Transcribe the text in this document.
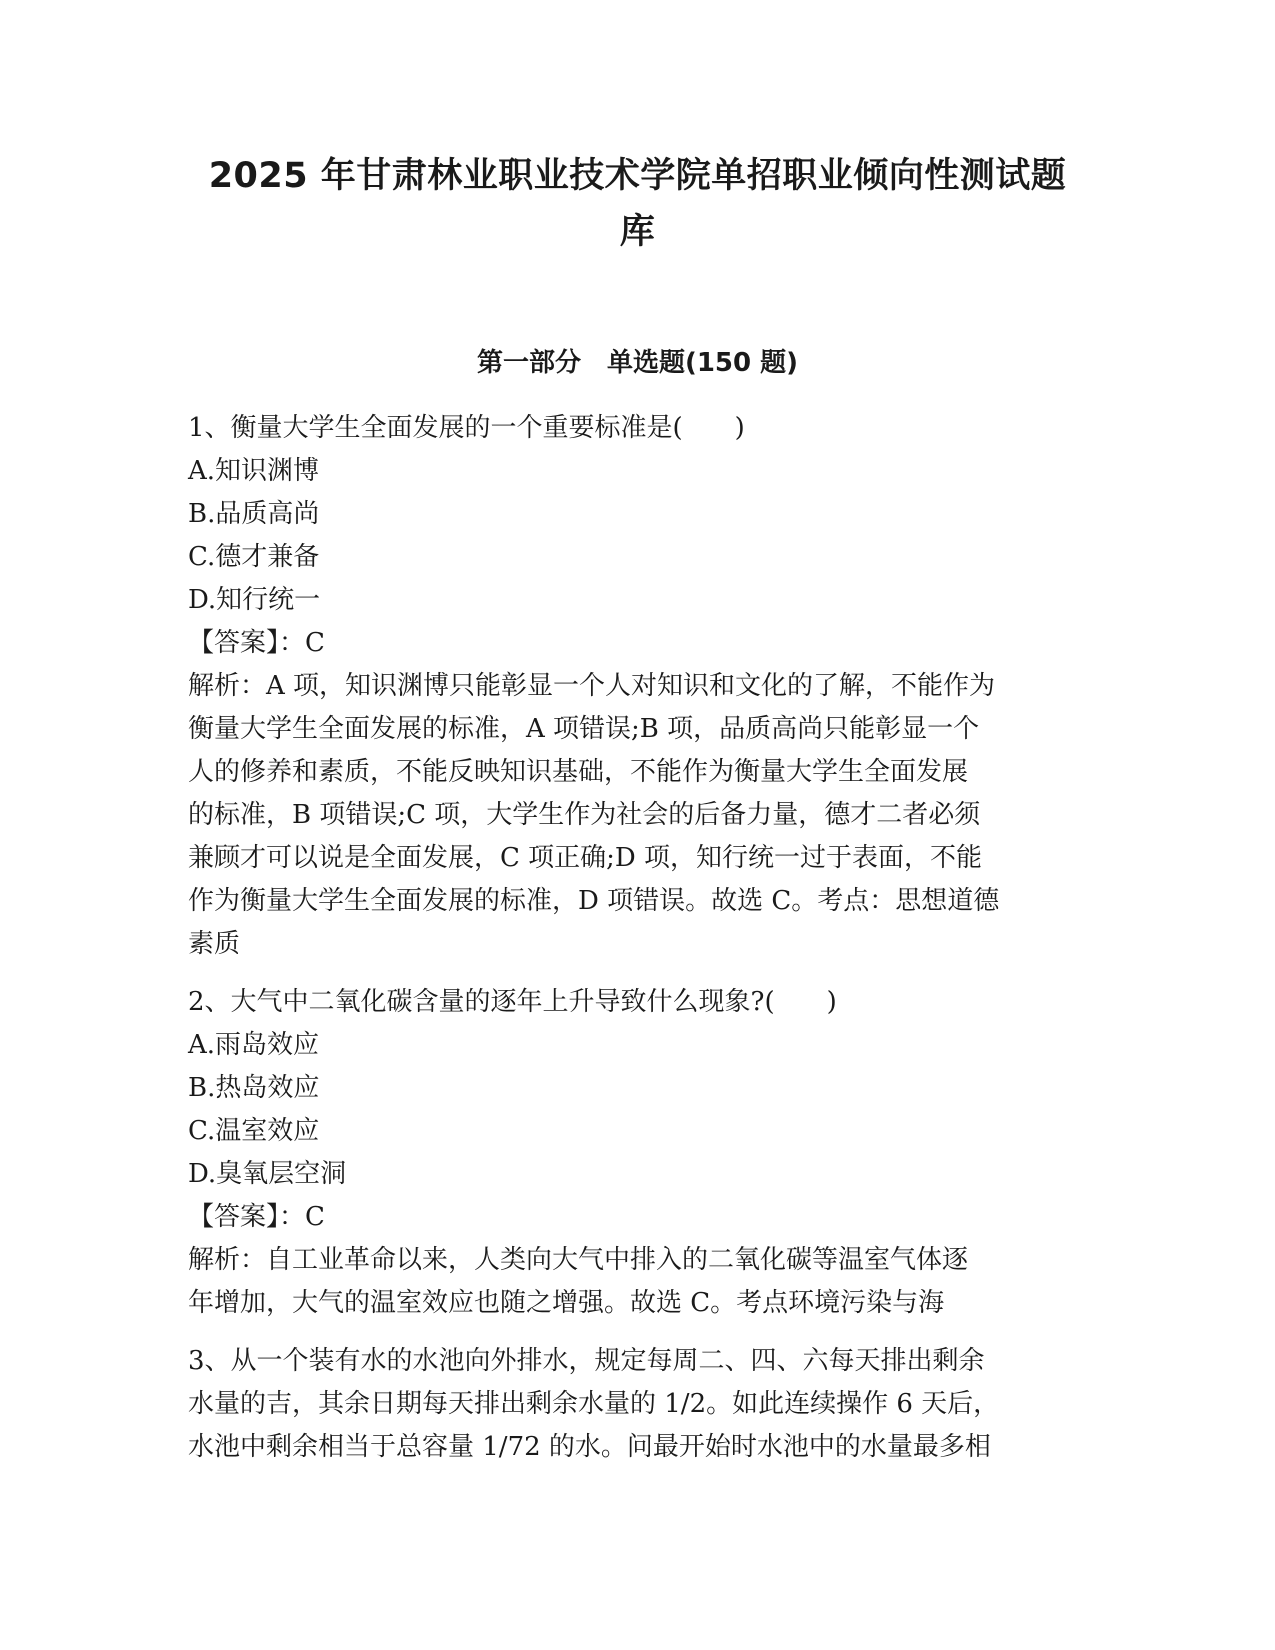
2025 年甘肃林业职业技术学院单招职业倾向性测试题
库
第一部分　单选题(150 题)
1、衡量大学生全面发展的一个重要标准是(　　)
A.知识渊博
B.品质高尚
C.德才兼备
D.知行统一
【答案】：C
解析：A 项，知识渊博只能彰显一个人对知识和文化的了解，不能作为
衡量大学生全面发展的标准，A 项错误;B 项，品质高尚只能彰显一个
人的修养和素质，不能反映知识基础，不能作为衡量大学生全面发展
的标准，B 项错误;C 项，大学生作为社会的后备力量，德才二者必须
兼顾才可以说是全面发展，C 项正确;D 项，知行统一过于表面，不能
作为衡量大学生全面发展的标准，D 项错误。故选 C。考点：思想道德
素质
2、大气中二氧化碳含量的逐年上升导致什么现象?(　　)
A.雨岛效应
B.热岛效应
C.温室效应
D.臭氧层空洞
【答案】：C
解析：自工业革命以来，人类向大气中排入的二氧化碳等温室气体逐
年增加，大气的温室效应也随之增强。故选 C。考点环境污染与海
3、从一个装有水的水池向外排水，规定每周二、四、六每天排出剩余
水量的吉，其余日期每天排出剩余水量的 1/2。如此连续操作 6 天后，
水池中剩余相当于总容量 1/72 的水。问最开始时水池中的水量最多相
